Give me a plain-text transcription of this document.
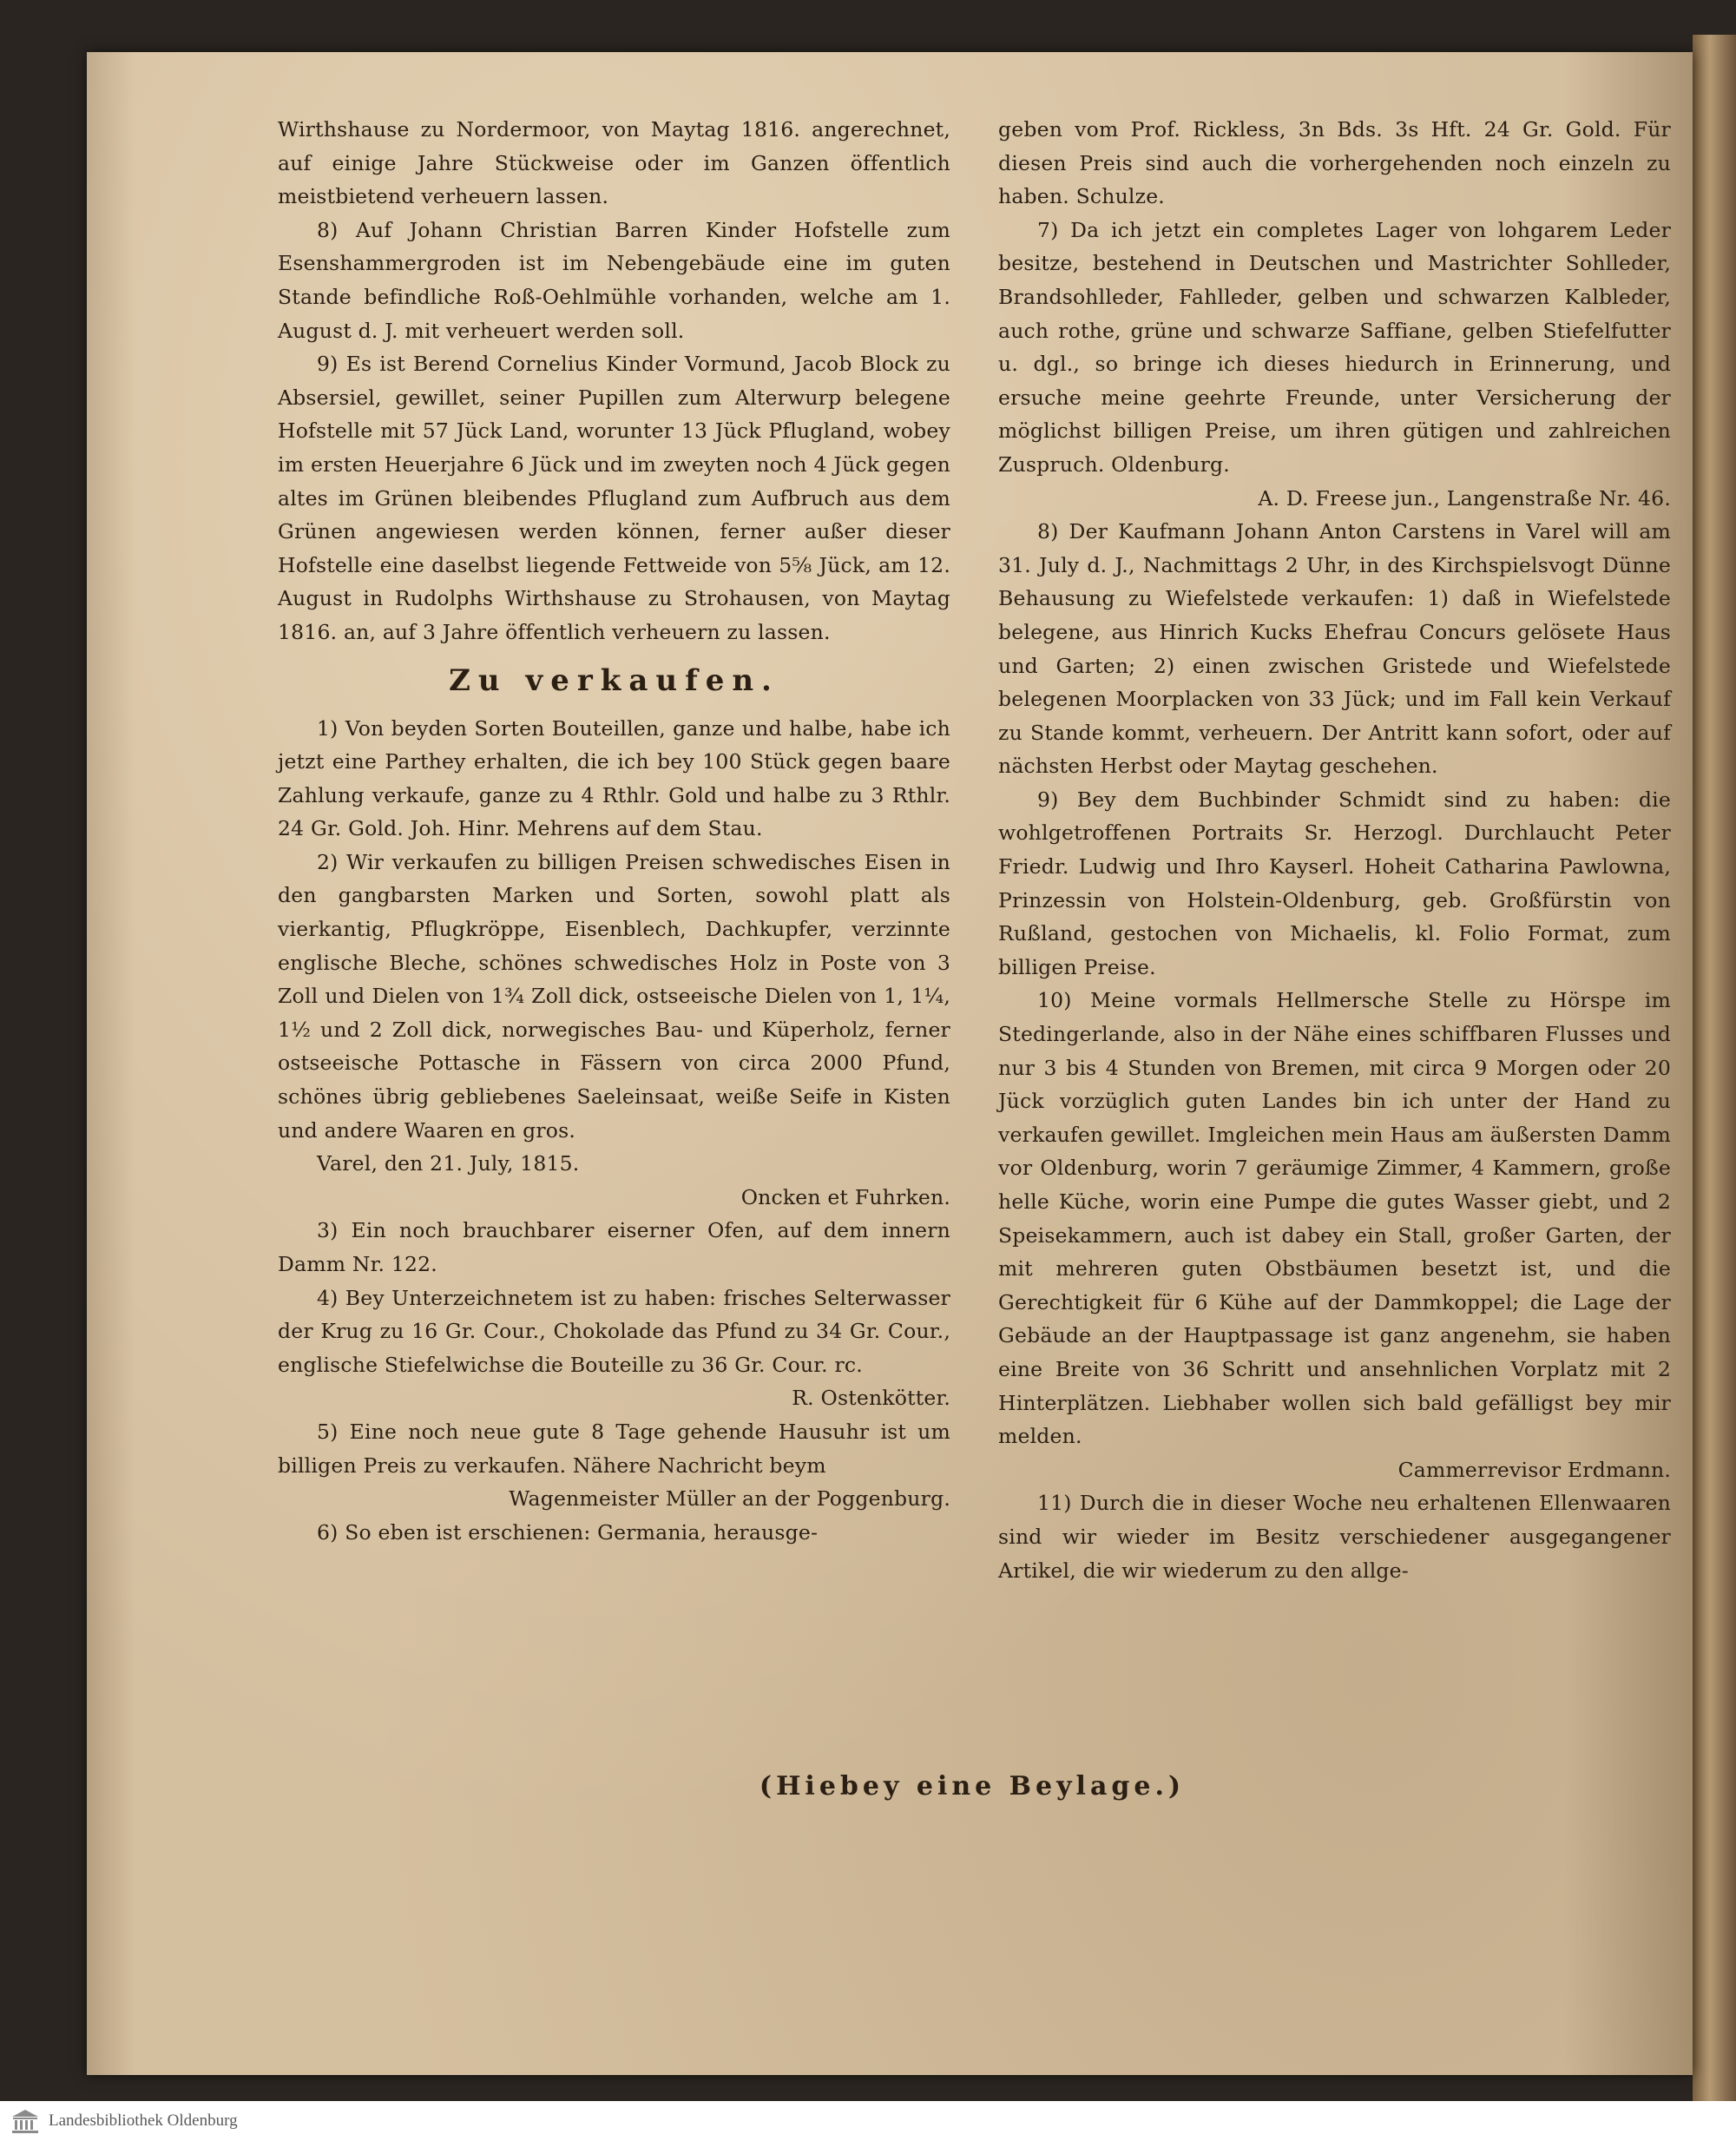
Wirthshause zu Nordermoor, von Maytag 1816. angerechnet, auf einige Jahre Stückweise oder im Ganzen öffentlich meistbietend verheuern lassen.

8) Auf Johann Christian Barren Kinder Hofstelle zum Esenshammergroden ist im Nebengebäude eine im guten Stande befindliche Roß-Oehlmühle vorhanden, welche am 1. August d. J. mit verheuert werden soll.

9) Es ist Berend Cornelius Kinder Vormund, Jacob Block zu Absersiel, gewillet, seiner Pupillen zum Alterwurp belegene Hofstelle mit 57 Jück Land, worunter 13 Jück Pflugland, wobey im ersten Heuerjahre 6 Jück und im zweyten noch 4 Jück gegen altes im Grünen bleibendes Pflugland zum Aufbruch aus dem Grünen angewiesen werden können, ferner außer dieser Hofstelle eine daselbst liegende Fettweide von 5⅝ Jück, am 12. August in Rudolphs Wirthshause zu Strohausen, von Maytag 1816. an, auf 3 Jahre öffentlich verheuern zu lassen.

Zu verkaufen.

1) Von beyden Sorten Bouteillen, ganze und halbe, habe ich jetzt eine Parthey erhalten, die ich bey 100 Stück gegen baare Zahlung verkaufe, ganze zu 4 Rthlr. Gold und halbe zu 3 Rthlr. 24 Gr. Gold. Joh. Hinr. Mehrens auf dem Stau.

2) Wir verkaufen zu billigen Preisen schwedisches Eisen in den gangbarsten Marken und Sorten, sowohl platt als vierkantig, Pflugkröppe, Eisenblech, Dachkupfer, verzinnte englische Bleche, schönes schwedisches Holz in Poste von 3 Zoll und Dielen von 1¾ Zoll dick, ostseeische Dielen von 1, 1¼, 1½ und 2 Zoll dick, norwegisches Bau- und Küperholz, ferner ostseeische Pottasche in Fässern von circa 2000 Pfund, schönes übrig gebliebenes Saeleinsaat, weiße Seife in Kisten und andere Waaren en gros.

Varel, den 21. July, 1815.

Oncken et Fuhrken.

3) Ein noch brauchbarer eiserner Ofen, auf dem innern Damm Nr. 122.

4) Bey Unterzeichnetem ist zu haben: frisches Selterwasser der Krug zu 16 Gr. Cour., Chokolade das Pfund zu 34 Gr. Cour., englische Stiefelwichse die Bouteille zu 36 Gr. Cour. rc.

R. Ostenkötter.

5) Eine noch neue gute 8 Tage gehende Hausuhr ist um billigen Preis zu verkaufen. Nähere Nachricht beym

Wagenmeister Müller an der Poggenburg.

6) So eben ist erschienen: Germania, herausge-

geben vom Prof. Rickless, 3n Bds. 3s Hft. 24 Gr. Gold. Für diesen Preis sind auch die vorhergehenden noch einzeln zu haben. Schulze.

7) Da ich jetzt ein completes Lager von lohgarem Leder besitze, bestehend in Deutschen und Mastrichter Sohlleder, Brandsohlleder, Fahlleder, gelben und schwarzen Kalbleder, auch rothe, grüne und schwarze Saffiane, gelben Stiefelfutter u. dgl., so bringe ich dieses hiedurch in Erinnerung, und ersuche meine geehrte Freunde, unter Versicherung der möglichst billigen Preise, um ihren gütigen und zahlreichen Zuspruch. Oldenburg.

A. D. Freese jun., Langenstraße Nr. 46.

8) Der Kaufmann Johann Anton Carstens in Varel will am 31. July d. J., Nachmittags 2 Uhr, in des Kirchspielsvogt Dünne Behausung zu Wiefelstede verkaufen: 1) daß in Wiefelstede belegene, aus Hinrich Kucks Ehefrau Concurs gelösete Haus und Garten; 2) einen zwischen Gristede und Wiefelstede belegenen Moorplacken von 33 Jück; und im Fall kein Verkauf zu Stande kommt, verheuern. Der Antritt kann sofort, oder auf nächsten Herbst oder Maytag geschehen.

9) Bey dem Buchbinder Schmidt sind zu haben: die wohlgetroffenen Portraits Sr. Herzogl. Durchlaucht Peter Friedr. Ludwig und Ihro Kayserl. Hoheit Catharina Pawlowna, Prinzessin von Holstein-Oldenburg, geb. Großfürstin von Rußland, gestochen von Michaelis, kl. Folio Format, zum billigen Preise.

10) Meine vormals Hellmersche Stelle zu Hörspe im Stedingerlande, also in der Nähe eines schiffbaren Flusses und nur 3 bis 4 Stunden von Bremen, mit circa 9 Morgen oder 20 Jück vorzüglich guten Landes bin ich unter der Hand zu verkaufen gewillet. Imgleichen mein Haus am äußersten Damm vor Oldenburg, worin 7 geräumige Zimmer, 4 Kammern, große helle Küche, worin eine Pumpe die gutes Wasser giebt, und 2 Speisekammern, auch ist dabey ein Stall, großer Garten, der mit mehreren guten Obstbäumen besetzt ist, und die Gerechtigkeit für 6 Kühe auf der Dammkoppel; die Lage der Gebäude an der Hauptpassage ist ganz angenehm, sie haben eine Breite von 36 Schritt und ansehnlichen Vorplatz mit 2 Hinterplätzen. Liebhaber wollen sich bald gefälligst bey mir melden.

Cammerrevisor Erdmann.

11) Durch die in dieser Woche neu erhaltenen Ellenwaaren sind wir wieder im Besitz verschiedener ausgegangener Artikel, die wir wiederum zu den allge-

(Hiebey eine Beylage.)
Landesbibliothek Oldenburg
